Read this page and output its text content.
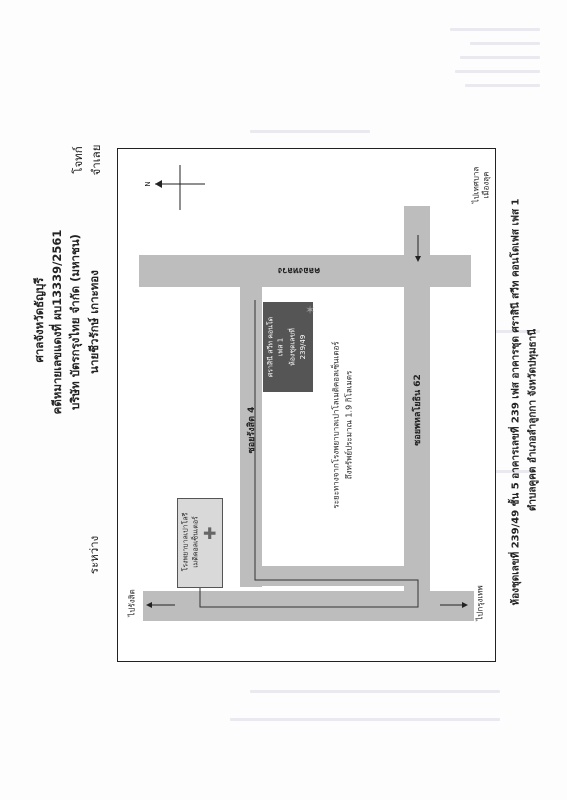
ศาลจังหวัดธัญบุรี คดีหมายเลขแดงที่ ผบ13339/2561
ระหว่าง
บริษัท บัตรกรุงไทย จำกัด (มหาชน)
โจทก์
นายชีวรักษ์ เกาะทอง
จำเลย
N
ไปรังสิต	ไปกรุงเทพ
ไปเทศบาล เมืองลุค
ซอยรังสิต 4	ซอยพหลโยธิน 62
คลองหลวง
โรงพยาบาลเปาโลรี เมดิคอลเซ็นเตอร์ ✚
ศราสินี สวีท คอนโด เฟส 1 ห้องชุดเลขที่ 239/49
✶
ระยะทางจากโรงพยาบาลเปาโลเมดิคอลเซ็นเตอร์ ถึงทรัพย์ประมาณ 1.9 กิโลเมตร	ห้องชุดเลขที่ 239/49 ชั้น 5 อาคารเลขที่ 239 เฟส อาคารชุด ศราสินี สวีท คอนโดเฟส เฟส 1 ตำบลคูคต อำเภอลำลูกกา จังหวัดปทุมธานี
